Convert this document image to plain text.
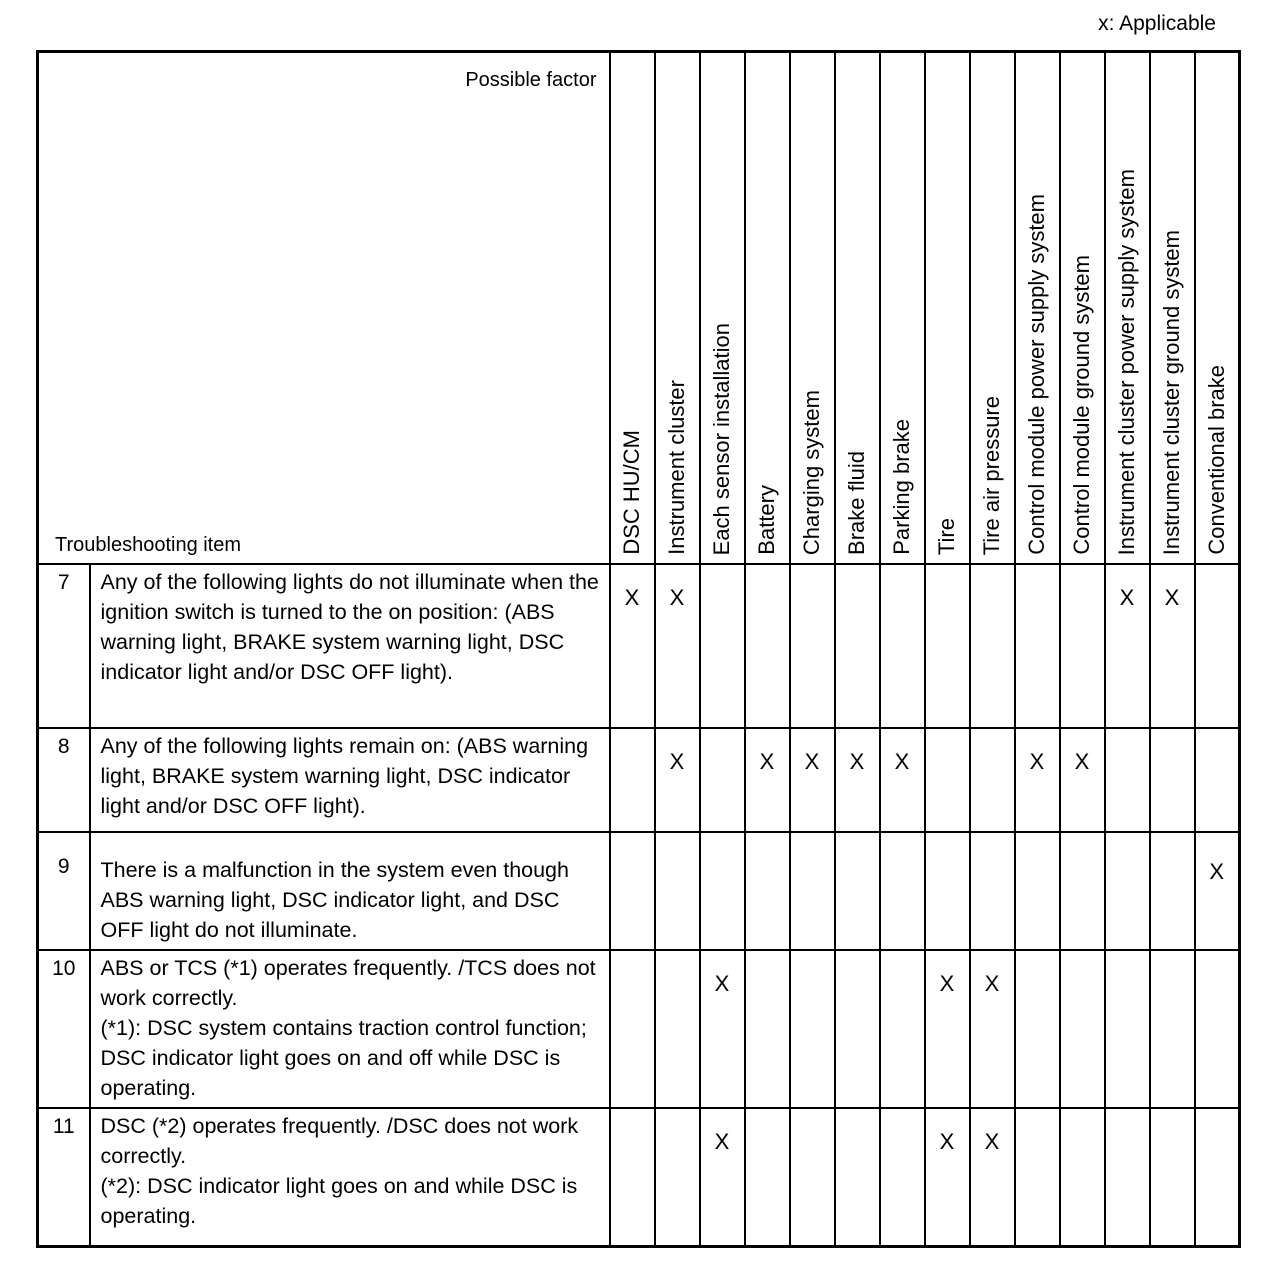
x: Applicable
Possible factor
Troubleshooting item		DSC HU/CM	Instrument cluster	Each sensor installation	Battery	Charging system	Brake fluid	Parking brake	Tire	Tire air pressure	Control module power supply system	Control module ground system	Instrument cluster power supply system	Instrument cluster ground system	Conventional brake

7	Any of the following lights do not illuminate when the ignition switch is turned to the on position: (ABS warning light, BRAKE system warning light, DSC indicator light and/or DSC OFF light).	X	X										X	X	
8	Any of the following lights remain on: (ABS warning light, BRAKE system warning light, DSC indicator light and/or DSC OFF light).		X		X	X	X	X			X	X			
9	There is a malfunction in the system even though ABS warning light, DSC indicator light, and DSC OFF light do not illuminate.														X
10	ABS or TCS (*1) operates frequently. /TCS does not work correctly.
(*1): DSC system contains traction control function; DSC indicator light goes on and off while DSC is operating.			X					X	X					
11	DSC (*2) operates frequently. /DSC does not work correctly.
(*2): DSC indicator light goes on and while DSC is operating.			X					X	X					
